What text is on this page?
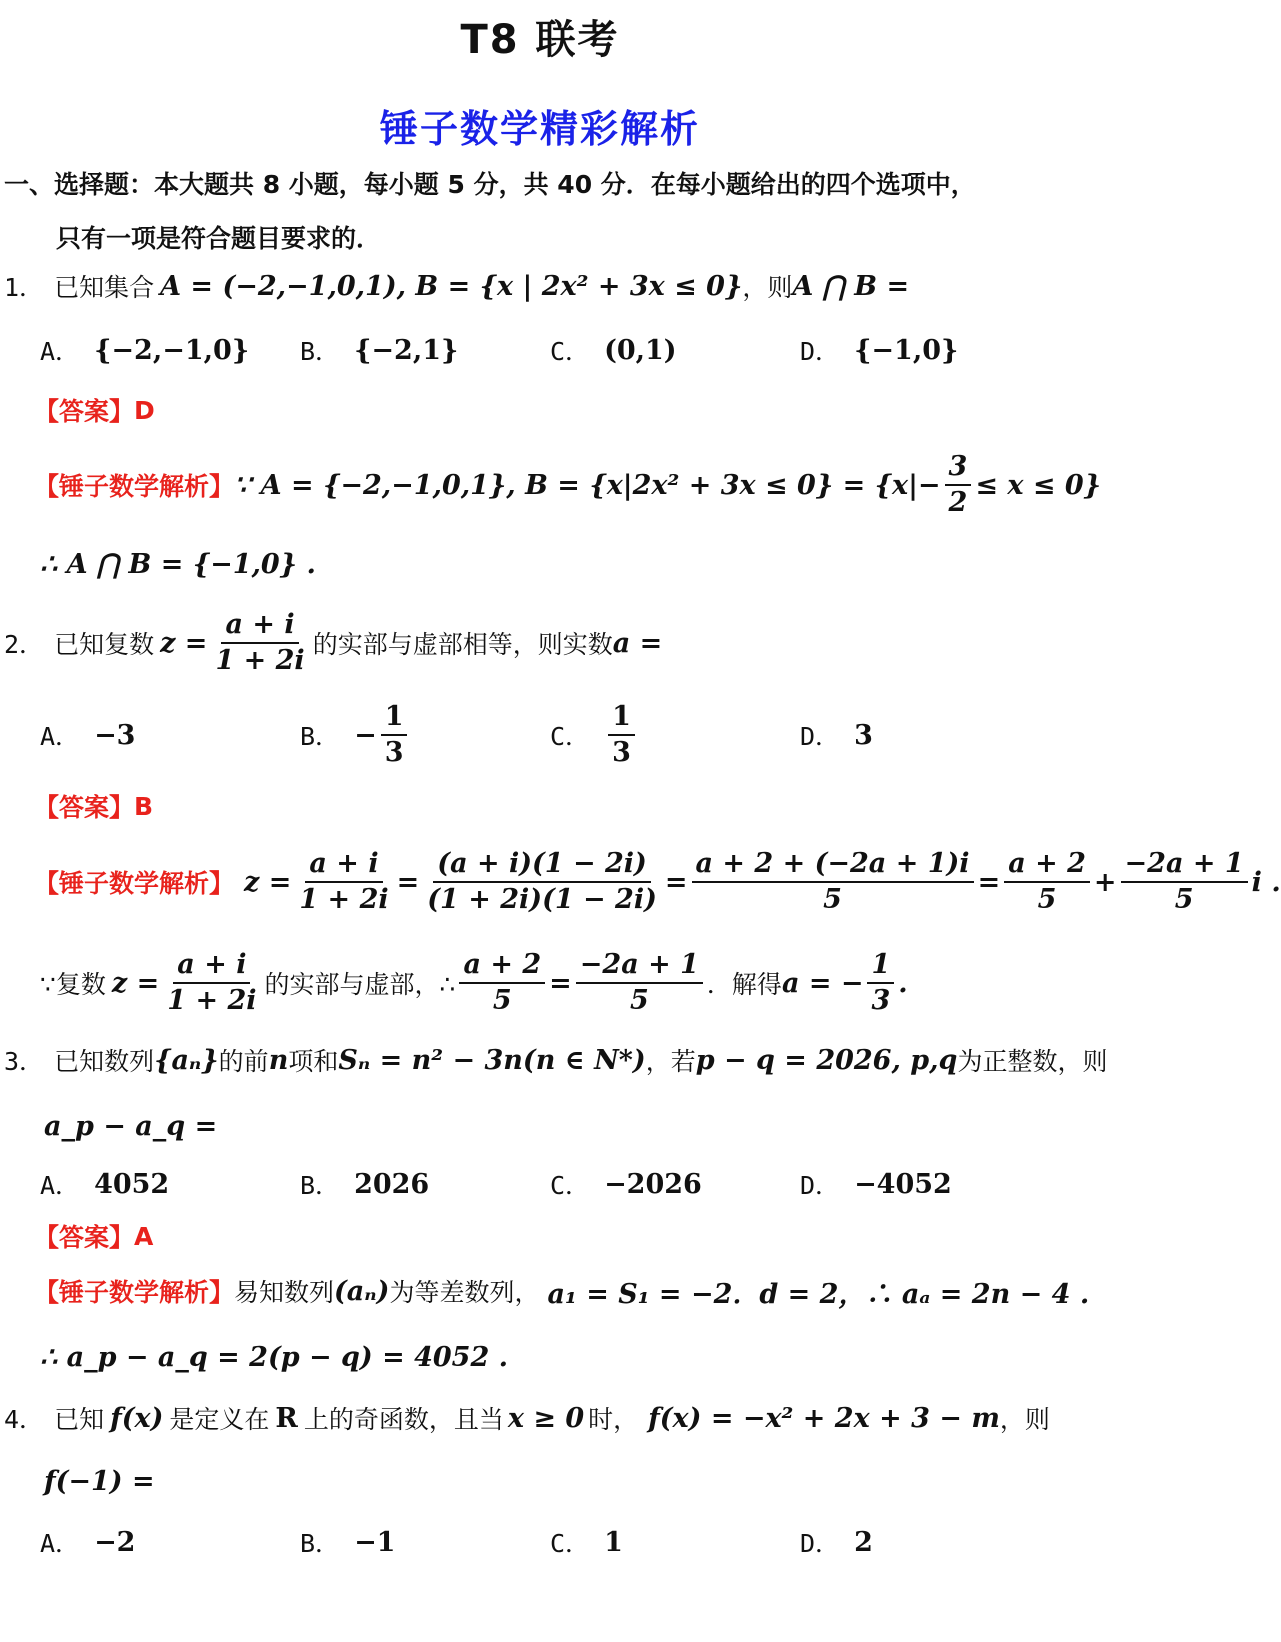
T8 联考
锤子数学精彩解析
一、选择题：本大题共 8 小题，每小题 5 分，共 40 分．在每小题给出的四个选项中，
只有一项是符合题目要求的．
1． 已知集合 A = (−2,−1,0,1), B = {x | 2x² + 3x ≤ 0} ，则 A ⋂ B =
A． {−2,−1,0} B． {−2,1}	C． (0,1)	D． {−1,0}
【答案】 D
【锤子数学解析】 ∵ A = {−2,−1,0,1}, $B = \{x|2x^2 + 3x \le 0\} = \{x|- \frac{3}{2} \le x \le 0\}$
∴ A ⋂ B = {−1,0} .
2． 已知复数 $z = \frac{a + i}{1 + 2i}$ 的实部与虚部相等，则实数 a =
A． −3	B． − $\frac{1}{3}$	C． $\frac{1}{3}$	D． 3
【答案】 B
【锤子数学解析】 $z = \frac{a + i}{1 + 2i} = \frac{(a + i)(1 - 2i)}{(1 + 2i)(1 - 2i)} = \frac{a + 2 + (-2a + 1)i}{5} = \frac{a + 2}{5} + \frac{-2a + 1}{5}$ i .
∵复数 $z = \frac{a + i}{1 + 2i}$ 的实部与虚部，∴ $\frac{a + 2}{5} = \frac{-2a + 1}{5}$ ．解得 a = − $\frac{1}{3}$ .
3． 已知数列 {aₙ} 的前 n 项和 Sₙ = n² − 3n(n ∈ N*) ，若 p − q = 2026, p,q 为正整数，则
a_p − a_q =
A． 4052	B． 2026	C． −2026	D． −4052
【答案】 A
【锤子数学解析】 易知数列 (aₙ) 为等差数列， a₁ = S₁ = −2．d = 2，∴ aₐ = 2n − 4 .
∴ a_p − a_q = 2(p − q) = 4052 .
4． 已知 f(x) 是定义在 R 上的奇函数，且当 x ≥ 0 时， f(x) = −x² + 2x + 3 − m ，则
f(−1) =
A． −2	B． −1	C． 1	D． 2
